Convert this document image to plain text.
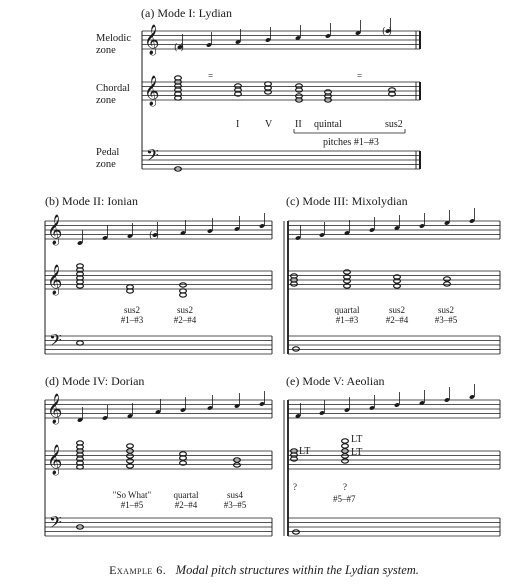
𝄞
𝄞
𝄢
( )
( )
𝄞
𝄞
𝄢
( )
𝄞
𝄞
𝄢
(a) Mode I: Lydian
(b) Mode II: Ionian	(c) Mode III: Mixolydian
(d) Mode IV: Dorian	(e) Mode V: Aeolian
Melodic
zone
Chordal
zone
Pedal
zone
=	=
I	V II quintal	sus2
pitches #1–#3
sus2
#1–#3
sus2
#2–#4
quartal
#1–#3
sus2
#2–#4
sus2
#3–#5
"So What"
#1–#5
quartal
#2–#4
sus4
#3–#5
LT
LT
LT
?	?
#5–#7
Example 6. Modal pitch structures within the Lydian system.
